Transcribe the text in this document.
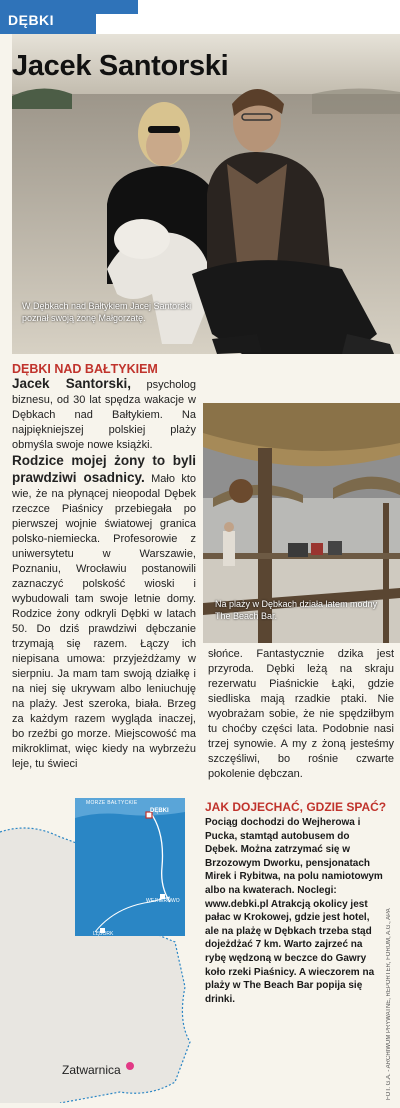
DĘBKI
Jacek Santorski
W Dębkach nad Bałtykiem Jacej Santorski poznał swoją żonę Małgorzatę.
DĘBKI NAD BAŁTYKIEM
Jacek Santorski, psycholog biznesu, od 30 lat spędza wakacje w Dębkach nad Bałtykiem. Na najpiękniejszej polskiej plaży obmyśla swoje nowe książki.
Rodzice mojej żony to byli prawdziwi osadnicy. Mało kto wie, że na płynącej nieopodal Dębek rzeczce Piaśnicy przebiegała po pierwszej wojnie światowej granica polsko-niemiecka. Profesorowie z uniwersytetu w Warszawie, Poznaniu, Wrocławiu postanowili zaznaczyć polskość wioski i wybudowali tam swoje letnie domy. Rodzice żony odkryli Dębki w latach 50. Do dziś prawdziwi dębczanie trzymają się razem. Łączy ich niepisana umowa: przyjeżdżamy w sierpniu. Ja mam tam swoją działkę i na niej się ukrywam albo leniuchuję na plaży. Jest szeroka, biała. Brzeg za każdym razem wygląda inaczej, bo rzeźbi go morze. Miejscowość ma mikroklimat, więc kiedy na wybrzeżu leje, tu świeci
Na plaży w Dębkach działa latem modny The Beach Bar.
słońce. Fantastycznie dzika jest przyroda. Dębki leżą na skraju rezerwatu Piaśnickie Łąki, gdzie siedliska mają rzadkie ptaki. Nie wyobrażam sobie, że nie spędziłbym tu choćby części lata. Podobnie nasi trzej synowie. A my z żoną jesteśmy szczęśliwi, bo rośnie czwarte pokolenie dębczan.
JAK DOJECHAĆ, GDZIE SPAĆ?
Pociąg dochodzi do Wejherowa i Pucka, stamtąd autobusem do Dębek. Można zatrzymać się w Brzozowym Dworku, pensjonatach Mirek i Rybitwa, na polu namiotowym albo na kwaterach. Noclegi: www.debki.pl Atrakcją okolicy jest pałac w Krokowej, gdzie jest hotel, ale na plażę w Dębkach trzeba stąd dojeżdżać 7 km. Warto zajrzeć na rybę wędzoną w beczce do Gawry koło rzeki Piaśnicy. A wieczorem na plaży w The Beach Bar popija się drinki.
MORZE BAŁTYCKIE
DĘBKI
WEJHEROWO
LĘBORK
Zatwarnica	FOT. G.A. - ARCHIWUM PRYWATNE, REPORTER, FORUM, A.G., APA
